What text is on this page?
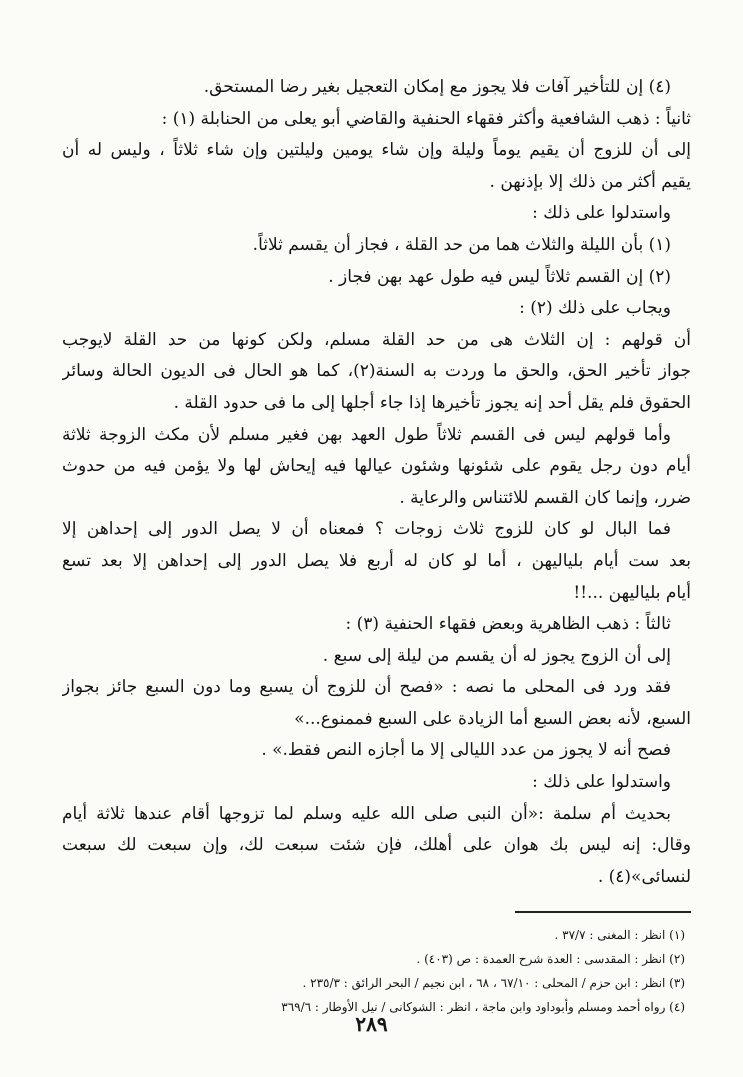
(٤) إن للتأخير آفات فلا يجوز مع إمكان التعجيل بغير رضا المستحق.
ثانياً : ذهب الشافعية وأكثر فقهاء الحنفية والقاضي أبو يعلى من الحنابلة (١) :
إلى أن للزوج أن يقيم يوماً وليلة وإن شاء يومين وليلتين وإن شاء ثلاثاً ، وليس له أن
يقيم أكثر من ذلك إلا بإذنهن .
واستدلوا على ذلك :
(١) بأن الليلة والثلاث هما من حد القلة ، فجاز أن يقسم ثلاثاً.
(٢) إن القسم ثلاثاً ليس فيه طول عهد بهن فجاز .
ويجاب على ذلك (٢) :
أن قولهم : إن الثلاث هى من حد القلة مسلم، ولكن كونها من حد القلة لايوجب
جواز تأخير الحق، والحق ما وردت به السنة(٢)، كما هو الحال فى الديون الحالة وسائر
الحقوق فلم يقل أحد إنه يجوز تأخيرها إذا جاء أجلها إلى ما فى حدود القلة .
وأما قولهم ليس فى القسم ثلاثاً طول العهد بهن فغير مسلم لأن مكث الزوجة ثلاثة
أيام دون رجل يقوم على شئونها وشئون عيالها فيه إيحاش لها ولا يؤمن فيه من حدوث
ضرر، وإنما كان القسم للائتناس والرعاية .
فما البال لو كان للزوج ثلاث زوجات ؟ فمعناه أن لا يصل الدور إلى إحداهن إلا
بعد ست أيام بلياليهن ، أما لو كان له أربع فلا يصل الدور إلى إحداهن إلا بعد تسع
أيام بلياليهن ...!!
ثالثاً : ذهب الظاهرية وبعض فقهاء الحنفية (٣) :
إلى أن الزوج يجوز له أن يقسم من ليلة إلى سبع .
فقد ورد فى المحلى ما نصه : «فصح أن للزوج أن يسبع وما دون السبع جائز بجواز
السبع، لأنه بعض السبع أما الزيادة على السبع فممنوع...»
فصح أنه لا يجوز من عدد الليالى إلا ما أجازه النص فقط.» .
واستدلوا على ذلك :
بحديث أم سلمة :«أن النبى صلى الله عليه وسلم لما تزوجها أقام عندها ثلاثة أيام
وقال: إنه ليس بك هوان على أهلك، فإن شئت سبعت لك، وإن سبعت لك سبعت
لنسائى»(٤) .
(١) انظر : المغنى : ٣٧/٧ .
(٢) انظر : المقدسى : العدة شرح العمدة : ص (٤٠٣) .
(٣) انظر : ابن حزم / المحلى : ٦٧/١٠ ، ٦٨ ، ابن نجيم / البحر الرائق : ٢٣٥/٣ .
(٤) رواه أحمد ومسلم وأبوداود وابن ماجة ، انظر : الشوكانى / نيل الأوطار : ٣٦٩/٦
٢٨٩
